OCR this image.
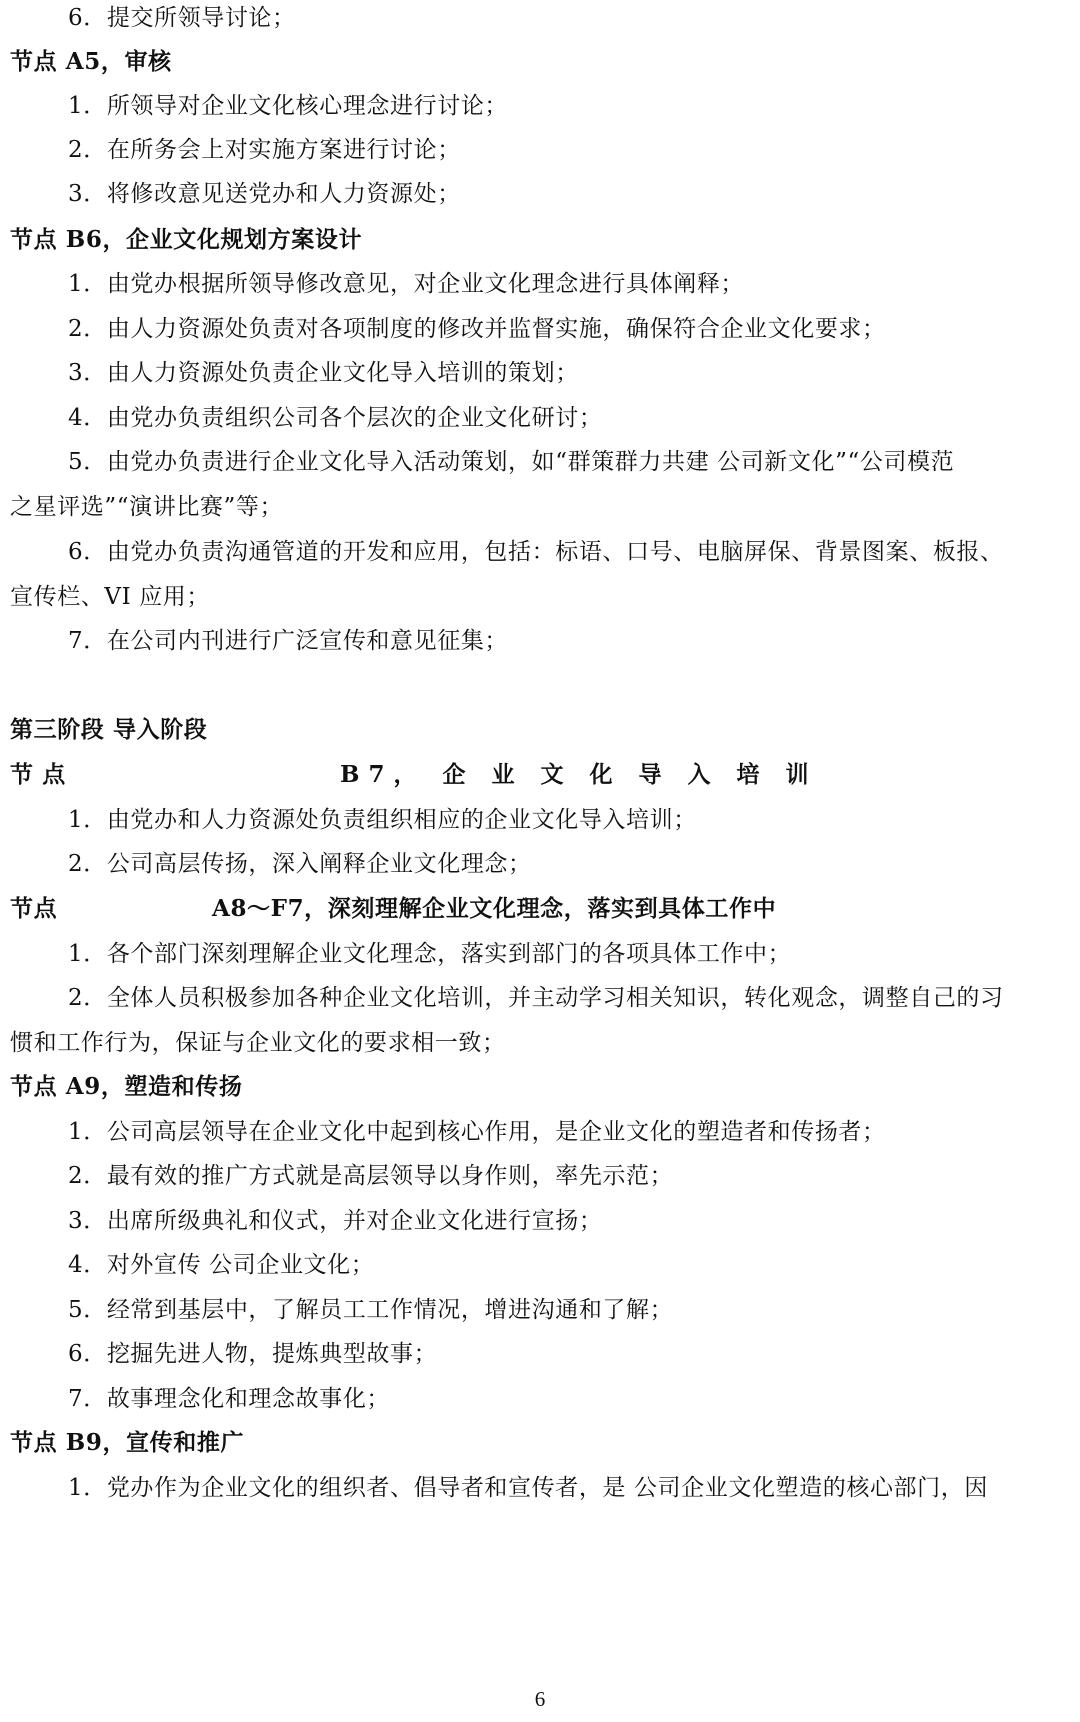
6．提交所领导讨论；
节点 A5，审核
1．所领导对企业文化核心理念进行讨论；
2．在所务会上对实施方案进行讨论；
3．将修改意见送党办和人力资源处；
节点 B6，企业文化规划方案设计
1．由党办根据所领导修改意见，对企业文化理念进行具体阐释；
2．由人力资源处负责对各项制度的修改并监督实施，确保符合企业文化要求；
3．由人力资源处负责企业文化导入培训的策划；
4．由党办负责组织公司各个层次的企业文化研讨；
5．由党办负责进行企业文化导入活动策划，如“群策群力共建 公司新文化”“公司模范
之星评选”“演讲比赛”等；
6．由党办负责沟通管道的开发和应用，包括：标语、口号、电脑屏保、背景图案、板报、
宣传栏、VI 应用；
7．在公司内刊进行广泛宣传和意见征集；
第三阶段 导入阶段
节 点	B7， 企 业 文 化 导 入 培 训
1．由党办和人力资源处负责组织相应的企业文化导入培训；
2．公司高层传扬，深入阐释企业文化理念；
节点	A8～F7，深刻理解企业文化理念，落实到具体工作中
1．各个部门深刻理解企业文化理念，落实到部门的各项具体工作中；
2．全体人员积极参加各种企业文化培训，并主动学习相关知识，转化观念，调整自己的习
惯和工作行为，保证与企业文化的要求相一致；
节点 A9，塑造和传扬
1．公司高层领导在企业文化中起到核心作用，是企业文化的塑造者和传扬者；
2．最有效的推广方式就是高层领导以身作则，率先示范；
3．出席所级典礼和仪式，并对企业文化进行宣扬；
4．对外宣传 公司企业文化；
5．经常到基层中，了解员工工作情况，增进沟通和了解；
6．挖掘先进人物，提炼典型故事；
7．故事理念化和理念故事化；
节点 B9，宣传和推广
1．党办作为企业文化的组织者、倡导者和宣传者，是 公司企业文化塑造的核心部门，因
6
